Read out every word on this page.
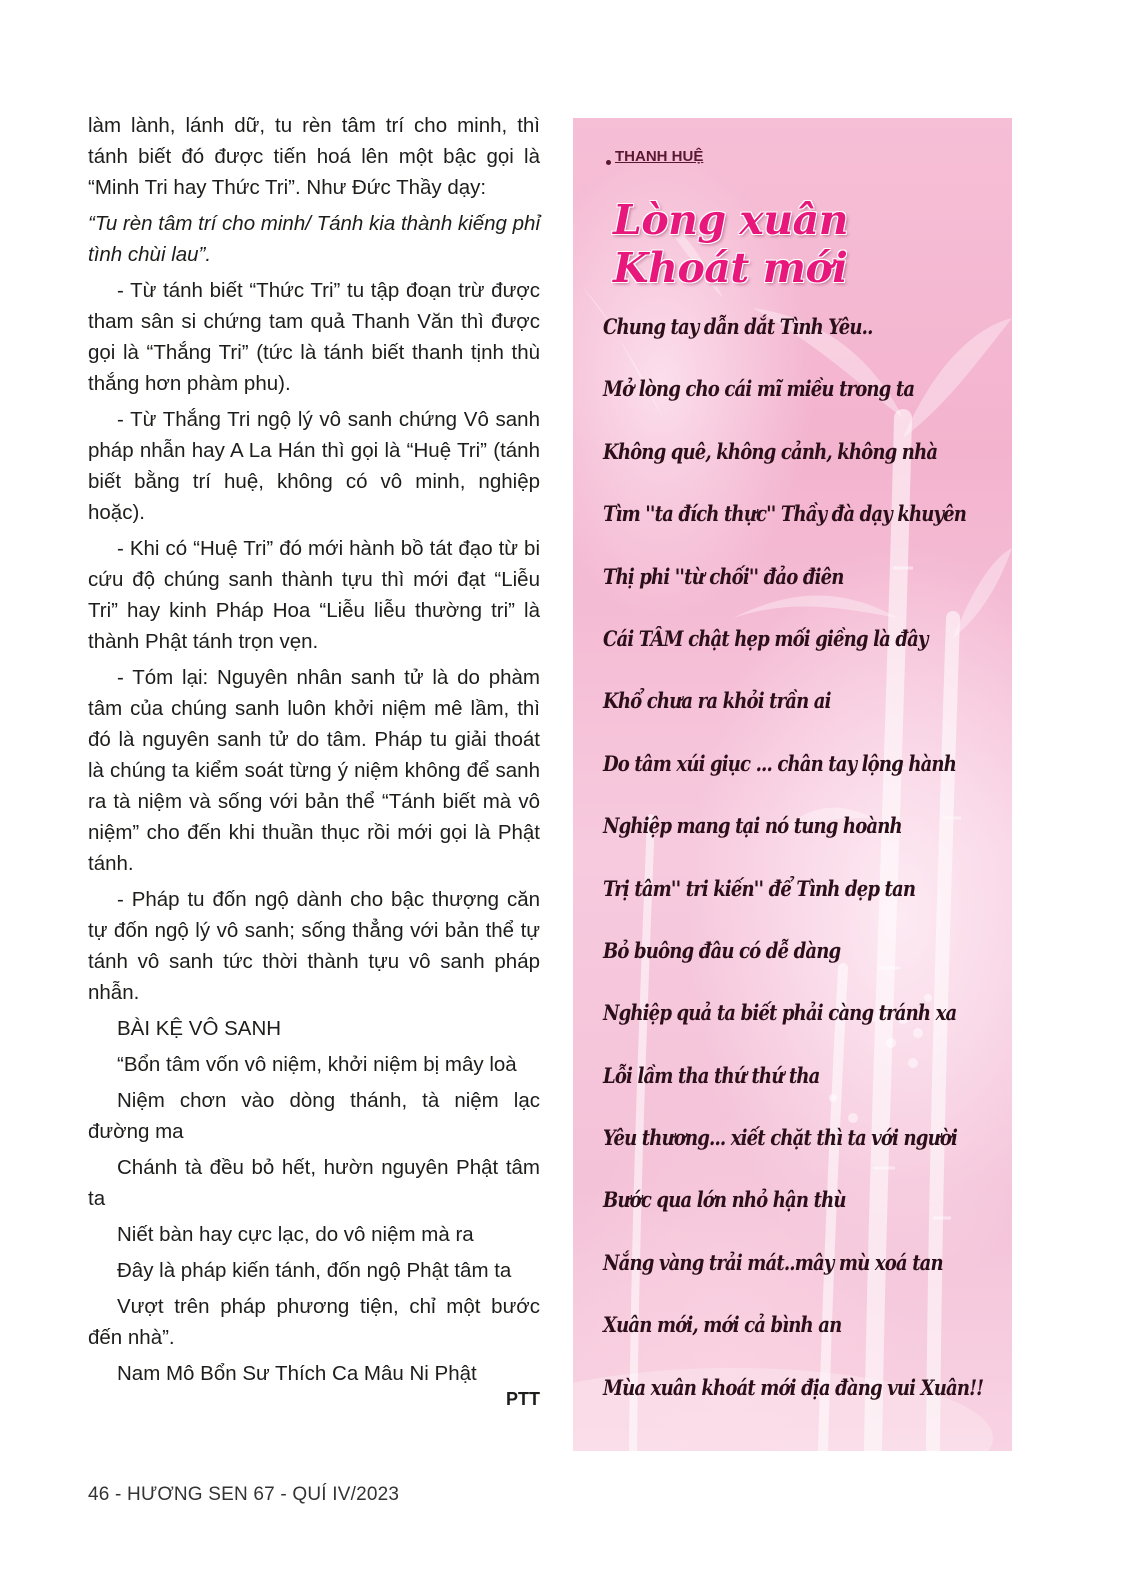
làm lành, lánh dữ, tu rèn tâm trí cho minh, thì tánh biết đó được tiến hoá lên một bậc gọi là “Minh Tri hay Thức Tri”. Như Đức Thầy dạy:

“Tu rèn tâm trí cho minh/ Tánh kia thành kiếng phỉ tình chùi lau”.

- Từ tánh biết “Thức Tri” tu tập đoạn trừ được tham sân si chứng tam quả Thanh Văn thì được gọi là “Thắng Tri” (tức là tánh biết thanh tịnh thù thắng hơn phàm phu).

- Từ Thắng Tri ngộ lý vô sanh chứng Vô sanh pháp nhẫn hay A La Hán thì gọi là “Huệ Tri” (tánh biết bằng trí huệ, không có vô minh, nghiệp hoặc).

- Khi có “Huệ Tri” đó mới hành bồ tát đạo từ bi cứu độ chúng sanh thành tựu thì mới đạt “Liễu Tri” hay kinh Pháp Hoa “Liễu liễu thường tri” là thành Phật tánh trọn vẹn.

- Tóm lại: Nguyên nhân sanh tử là do phàm tâm của chúng sanh luôn khởi niệm mê lầm, thì đó là nguyên sanh tử do tâm. Pháp tu giải thoát là chúng ta kiểm soát từng ý niệm không để sanh ra tà niệm và sống với bản thể “Tánh biết mà vô niệm” cho đến khi thuần thục rồi mới gọi là Phật tánh.

- Pháp tu đốn ngộ dành cho bậc thượng căn tự đốn ngộ lý vô sanh; sống thẳng với bản thể tự tánh vô sanh tức thời thành tựu vô sanh pháp nhẫn.

BÀI KỆ VÔ SANH

“Bổn tâm vốn vô niệm, khởi niệm bị mây loà

Niệm chơn vào dòng thánh, tà niệm lạc đường ma

Chánh tà đều bỏ hết, hườn nguyên Phật tâm ta

Niết bàn hay cực lạc, do vô niệm mà ra

Đây là pháp kiến tánh, đốn ngộ Phật tâm ta

Vượt trên pháp phương tiện, chỉ một bước đến nhà”.

Nam Mô Bổn Sư Thích Ca Mâu Ni Phật

PTT
THANH HUỆ
Lòng xuân Khoát mới
Chung tay dẫn dắt Tình Yêu..
Mở lòng cho cái mĩ miều trong ta
Không quê, không cảnh, không nhà
Tìm ''ta đích thực'' Thầy đà dạy khuyên
Thị phi ''từ chối'' đảo điên
Cái TÂM chật hẹp mối giềng là đây
Khổ chưa ra khỏi trần ai
Do tâm xúi giục ... chân tay lộng hành
Nghiệp mang tại nó tung hoành
Trị tâm'' tri kiến'' để Tình dẹp tan
Bỏ buông đâu có dễ dàng
Nghiệp quả ta biết phải càng tránh xa
Lỗi lầm tha thứ thứ tha
Yêu thương... xiết chặt thì ta với người
Bước qua lớn nhỏ hận thù
Nắng vàng trải mát..mây mù xoá tan
Xuân mới, mới cả bình an
Mùa xuân khoát mới địa đàng vui Xuân!!
46 - HƯƠNG SEN 67 - QUÍ IV/2023
